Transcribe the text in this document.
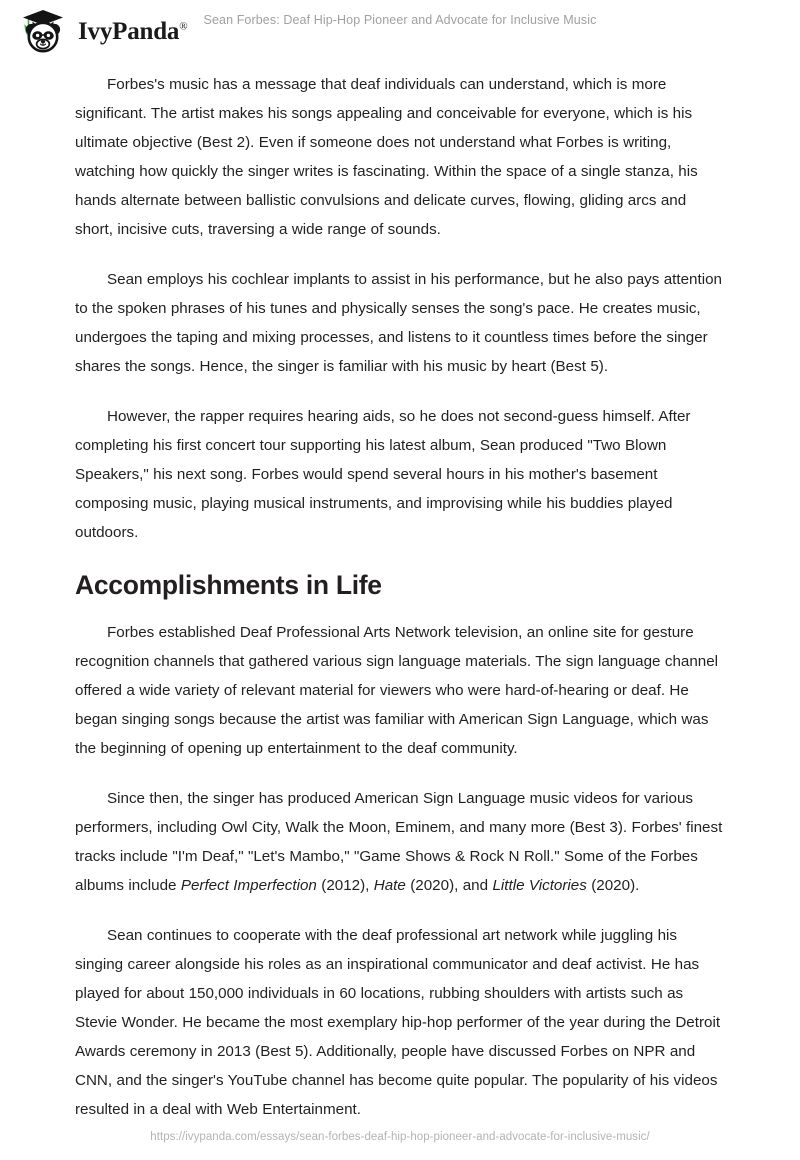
IvyPanda®	Sean Forbes: Deaf Hip-Hop Pioneer and Advocate for Inclusive Music

Forbes's music has a message that deaf individuals can understand, which is more significant. The artist makes his songs appealing and conceivable for everyone, which is his ultimate objective (Best 2). Even if someone does not understand what Forbes is writing, watching how quickly the singer writes is fascinating. Within the space of a single stanza, his hands alternate between ballistic convulsions and delicate curves, flowing, gliding arcs and short, incisive cuts, traversing a wide range of sounds.

Sean employs his cochlear implants to assist in his performance, but he also pays attention to the spoken phrases of his tunes and physically senses the song's pace. He creates music, undergoes the taping and mixing processes, and listens to it countless times before the singer shares the songs. Hence, the singer is familiar with his music by heart (Best 5).

However, the rapper requires hearing aids, so he does not second-guess himself. After completing his first concert tour supporting his latest album, Sean produced "Two Blown Speakers," his next song. Forbes would spend several hours in his mother's basement composing music, playing musical instruments, and improvising while his buddies played outdoors.

Accomplishments in Life

Forbes established Deaf Professional Arts Network television, an online site for gesture recognition channels that gathered various sign language materials. The sign language channel offered a wide variety of relevant material for viewers who were hard-of-hearing or deaf. He began singing songs because the artist was familiar with American Sign Language, which was the beginning of opening up entertainment to the deaf community.

Since then, the singer has produced American Sign Language music videos for various performers, including Owl City, Walk the Moon, Eminem, and many more (Best 3). Forbes' finest tracks include "I'm Deaf," "Let's Mambo," "Game Shows & Rock N Roll." Some of the Forbes albums include Perfect Imperfection (2012), Hate (2020), and Little Victories (2020).

Sean continues to cooperate with the deaf professional art network while juggling his singing career alongside his roles as an inspirational communicator and deaf activist. He has played for about 150,000 individuals in 60 locations, rubbing shoulders with artists such as Stevie Wonder. He became the most exemplary hip-hop performer of the year during the Detroit Awards ceremony in 2013 (Best 5). Additionally, people have discussed Forbes on NPR and CNN, and the singer's YouTube channel has become quite popular. The popularity of his videos resulted in a deal with Web Entertainment.

https://ivypanda.com/essays/sean-forbes-deaf-hip-hop-pioneer-and-advocate-for-inclusive-music/
